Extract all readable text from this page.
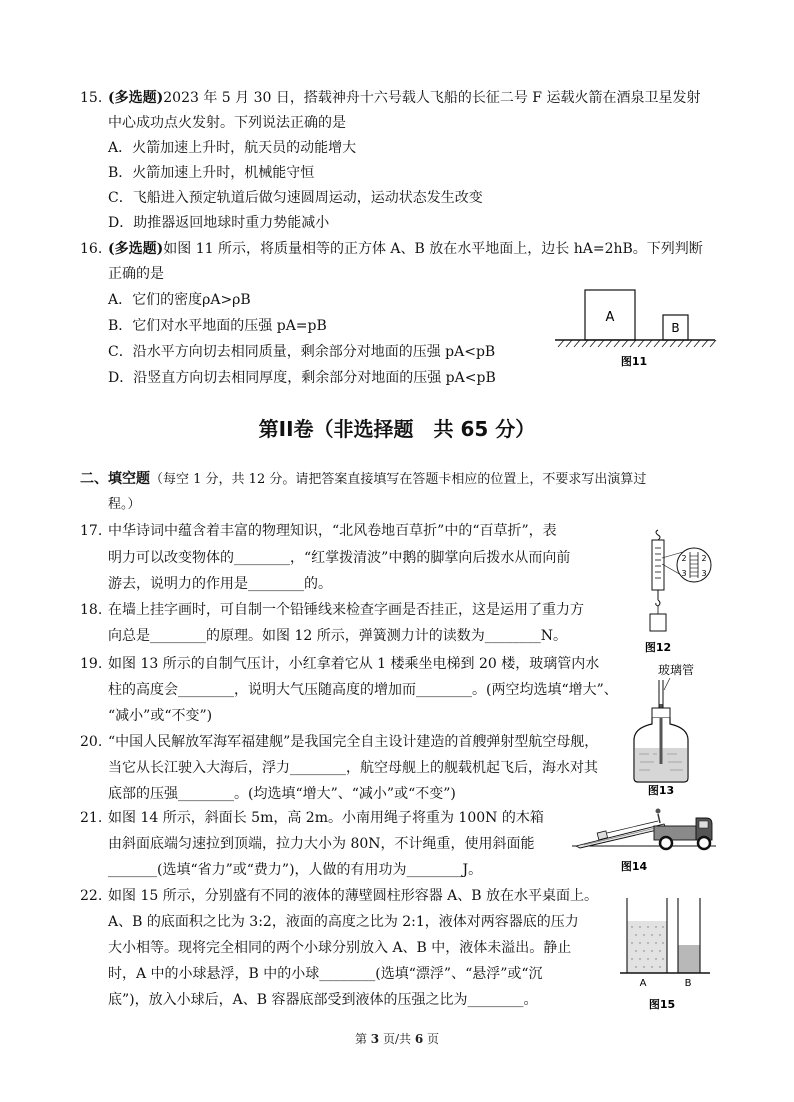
15. (多选题)2023 年 5 月 30 日，搭载神舟十六号载人飞船的长征二号 F 运载火箭在酒泉卫星发射
中心成功点火发射。下列说法正确的是
A．火箭加速上升时，航天员的动能增大
B．火箭加速上升时，机械能守恒
C．飞船进入预定轨道后做匀速圆周运动，运动状态发生改变
D．助推器返回地球时重力势能减小
16. (多选题)如图 11 所示，将质量相等的正方体 A、B 放在水平地面上，边长 hA=2hB。下列判断
正确的是
A．它们的密度ρA>ρB
B．它们对水平地面的压强 pA=pB
C．沿水平方向切去相同质量，剩余部分对地面的压强 pA<pB
D．沿竖直方向切去相同厚度，剩余部分对地面的压强 pA<pB
A
B
图11
第II卷（非选择题　共 65 分）
二、填空题（每空 1 分，共 12 分。请把答案直接填写在答题卡相应的位置上，不要求写出演算过
程。）
17. 中华诗词中蕴含着丰富的物理知识，“北风卷地百草折”中的“百草折”，表
明力可以改变物体的________，“红掌拨清波”中鹅的脚掌向后拨水从而向前
游去，说明力的作用是________的。
18. 在墙上挂字画时，可自制一个铅锤线来检查字画是否挂正，这是运用了重力方
向总是________的原理。如图 12 所示，弹簧测力计的读数为________N。
2 2
3 3
图12
19. 如图 13 所示的自制气压计，小红拿着它从 1 楼乘坐电梯到 20 楼，玻璃管内水
柱的高度会________，说明大气压随高度的增加而________。(两空均选填“增大”、
“减小”或“不变”)
玻璃管
图13
20. “中国人民解放军海军福建舰”是我国完全自主设计建造的首艘弹射型航空母舰，
当它从长江驶入大海后，浮力________，航空母舰上的舰载机起飞后，海水对其
底部的压强________。(均选填“增大”、“减小”或“不变”)
21. 如图 14 所示，斜面长 5m，高 2m。小南用绳子将重为 100N 的木箱
由斜面底端匀速拉到顶端，拉力大小为 80N，不计绳重，使用斜面能
_______(选填“省力”或“费力”)，人做的有用功为________J。	图14
22. 如图 15 所示，分别盛有不同的液体的薄壁圆柱形容器 A、B 放在水平桌面上。
A、B 的底面积之比为 3:2，液面的高度之比为 2:1，液体对两容器底的压力
大小相等。现将完全相同的两个小球分别放入 A、B 中，液体未溢出。静止
时，A 中的小球悬浮，B 中的小球________(选填“漂浮”、“悬浮”或“沉
底”)，放入小球后，A、B 容器底部受到液体的压强之比为________。
A	B
图15
第 3 页/共 6 页
